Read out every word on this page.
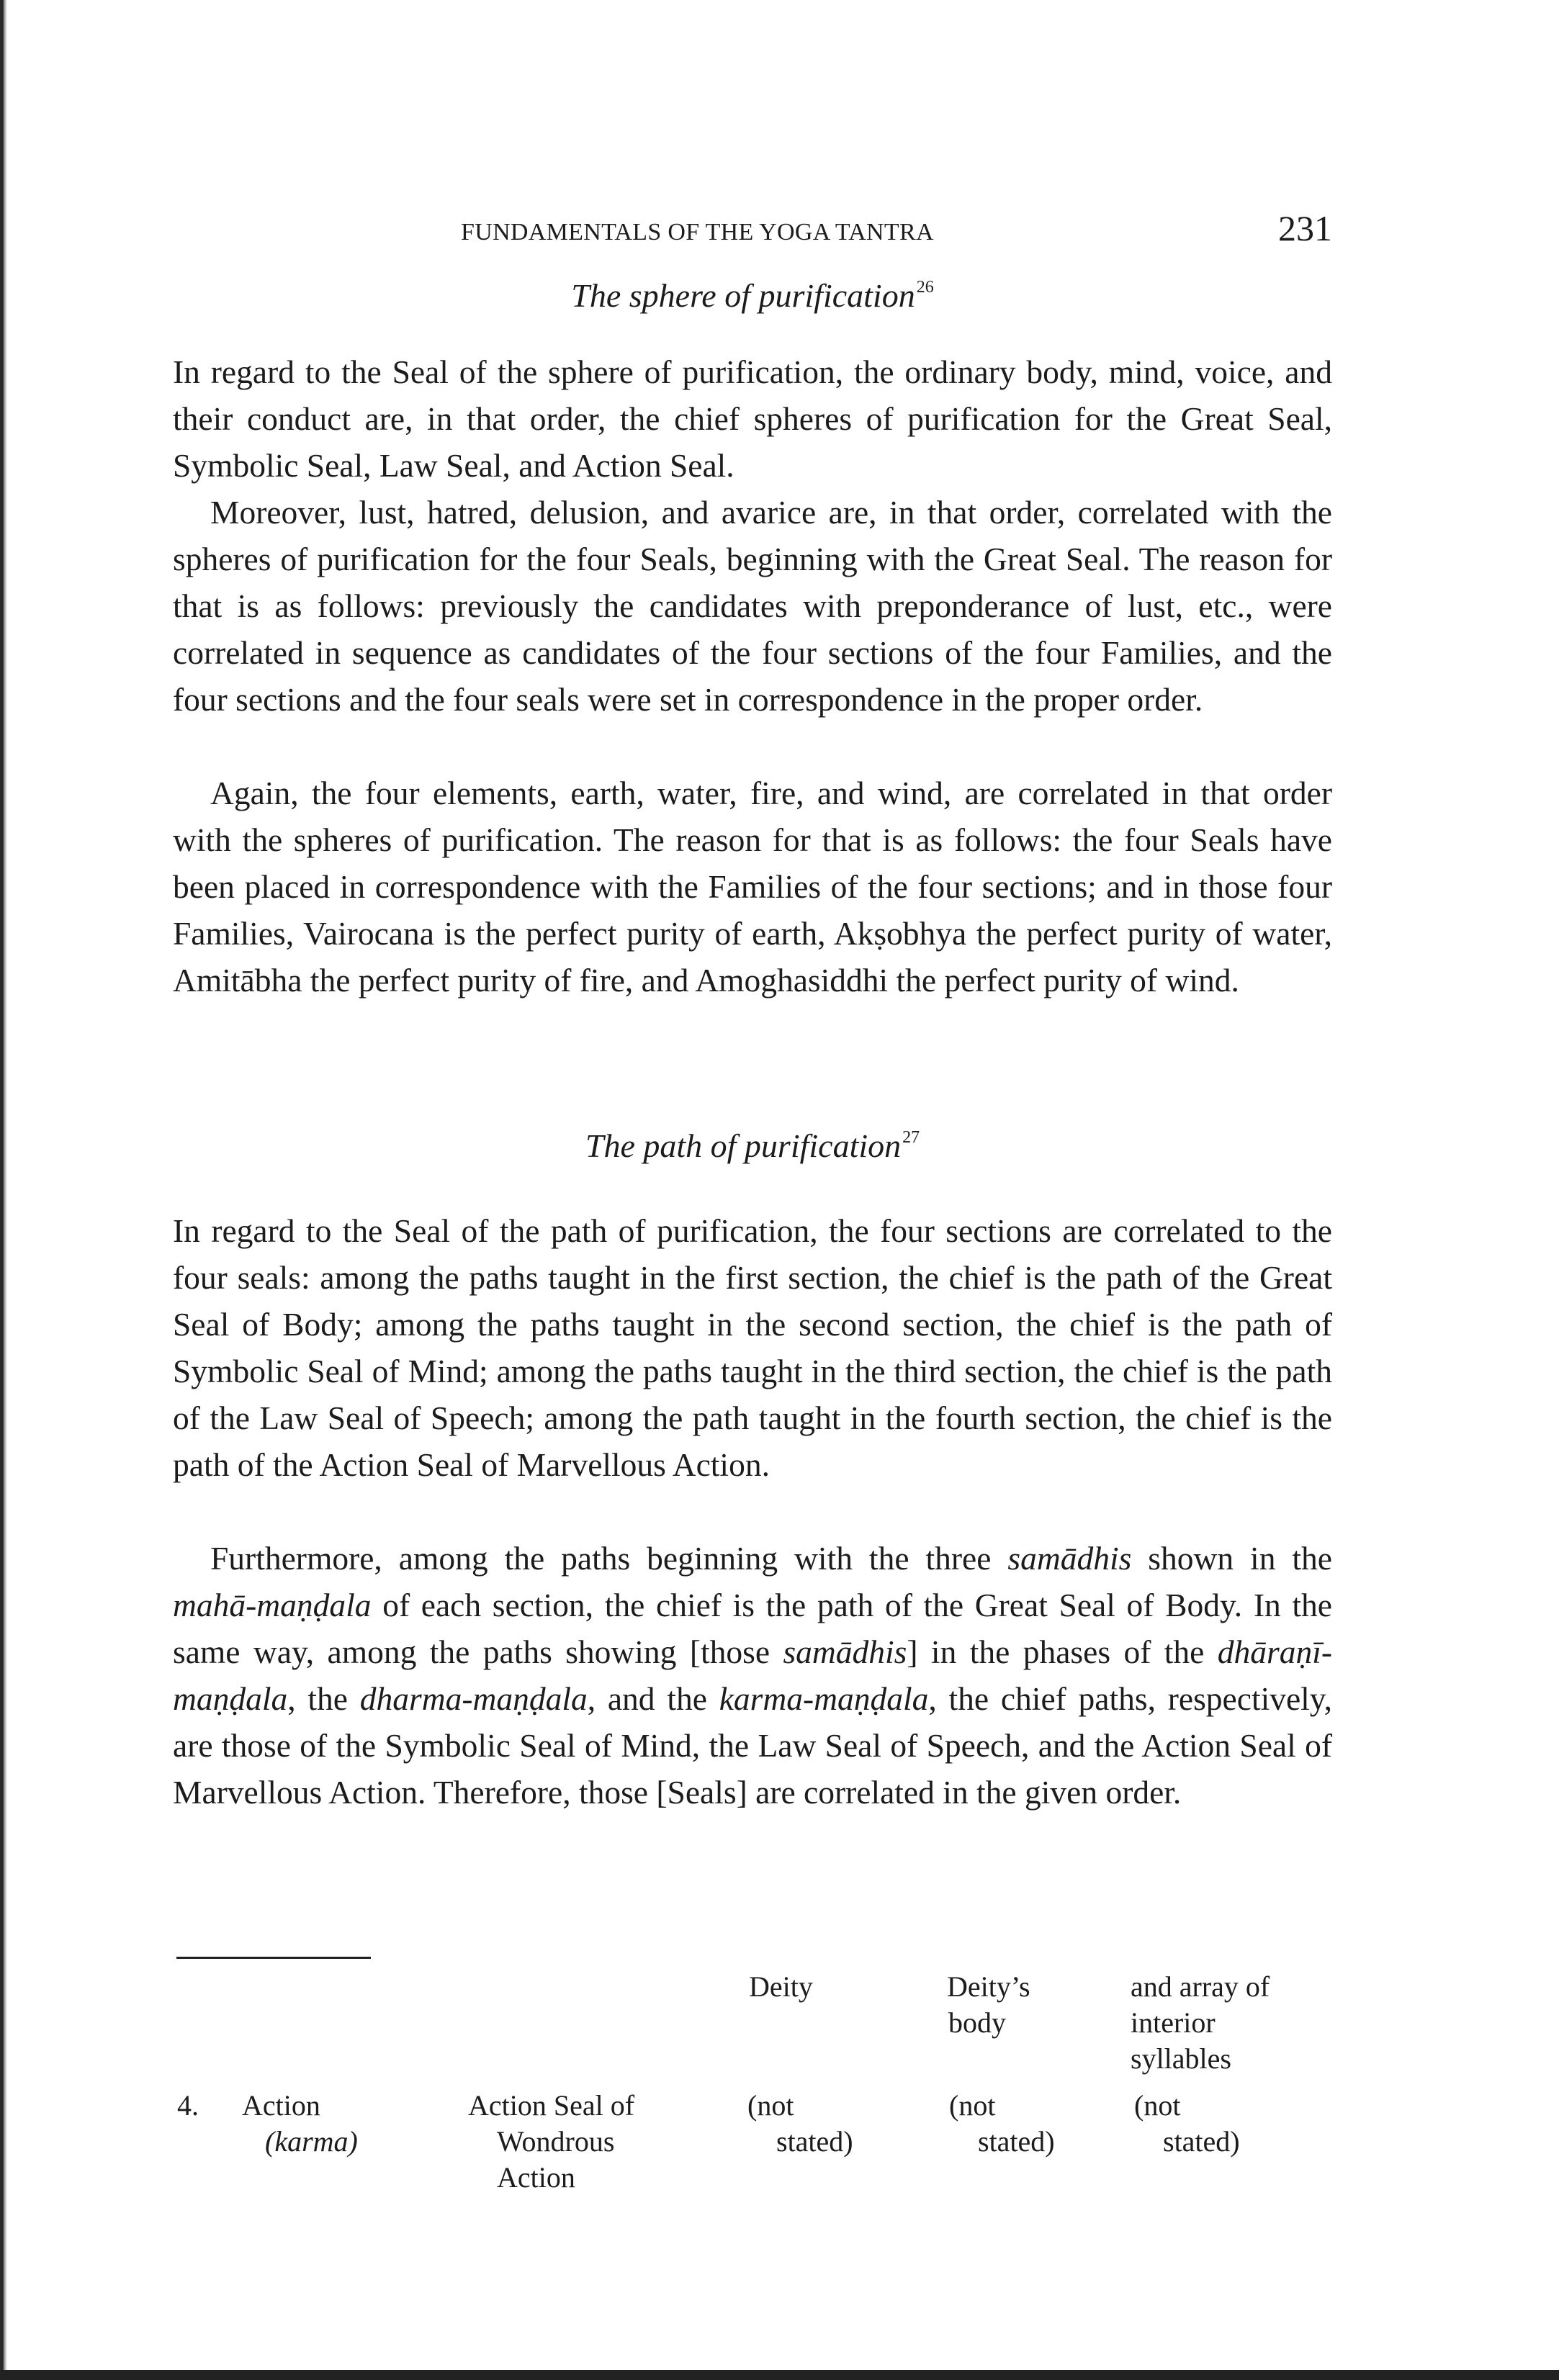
FUNDAMENTALS OF THE YOGA TANTRA	231
The sphere of purification$^{26}$

In regard to the Seal of the sphere of purification, the ordinary body, mind, voice, and their conduct are, in that order, the chief spheres of purification for the Great Seal, Symbolic Seal, Law Seal, and Action Seal.

Moreover, lust, hatred, delusion, and avarice are, in that order, correlated with the spheres of purification for the four Seals, beginning with the Great Seal. The reason for that is as follows: previously the candidates with preponderance of lust, etc., were correlated in sequence as candidates of the four sections of the four Families, and the four sections and the four seals were set in correspondence in the proper order.

Again, the four elements, earth, water, fire, and wind, are correlated in that order with the spheres of purification. The reason for that is as follows: the four Seals have been placed in correspondence with the Families of the four sections; and in those four Families, Vairocana is the perfect purity of earth, Akṣobhya the perfect purity of water, Amitābha the perfect purity of fire, and Amoghasiddhi the perfect purity of wind.

The path of purification$^{27}$

In regard to the Seal of the path of purification, the four sections are correlated to the four seals: among the paths taught in the first section, the chief is the path of the Great Seal of Body; among the paths taught in the second section, the chief is the path of Symbolic Seal of Mind; among the paths taught in the third section, the chief is the path of the Law Seal of Speech; among the path taught in the fourth section, the chief is the path of the Action Seal of Marvellous Action.

Furthermore, among the paths beginning with the three samādhis shown in the mahā-maṇḍala of each section, the chief is the path of the Great Seal of Body. In the same way, among the paths showing [those samādhis] in the phases of the dhāraṇī-maṇḍala, the dharma-maṇḍala, and the karma-maṇḍala, the chief paths, respectively, are those of the Symbolic Seal of Mind, the Law Seal of Speech, and the Action Seal of Marvellous Action. Therefore, those [Seals] are correlated in the given order.

Deity	Deity’s

body
and array of
interior
syllables
4. Action
(karma)
Action Seal of
Wondrous
Action
(not
stated)
(not
stated)
(not
stated)
